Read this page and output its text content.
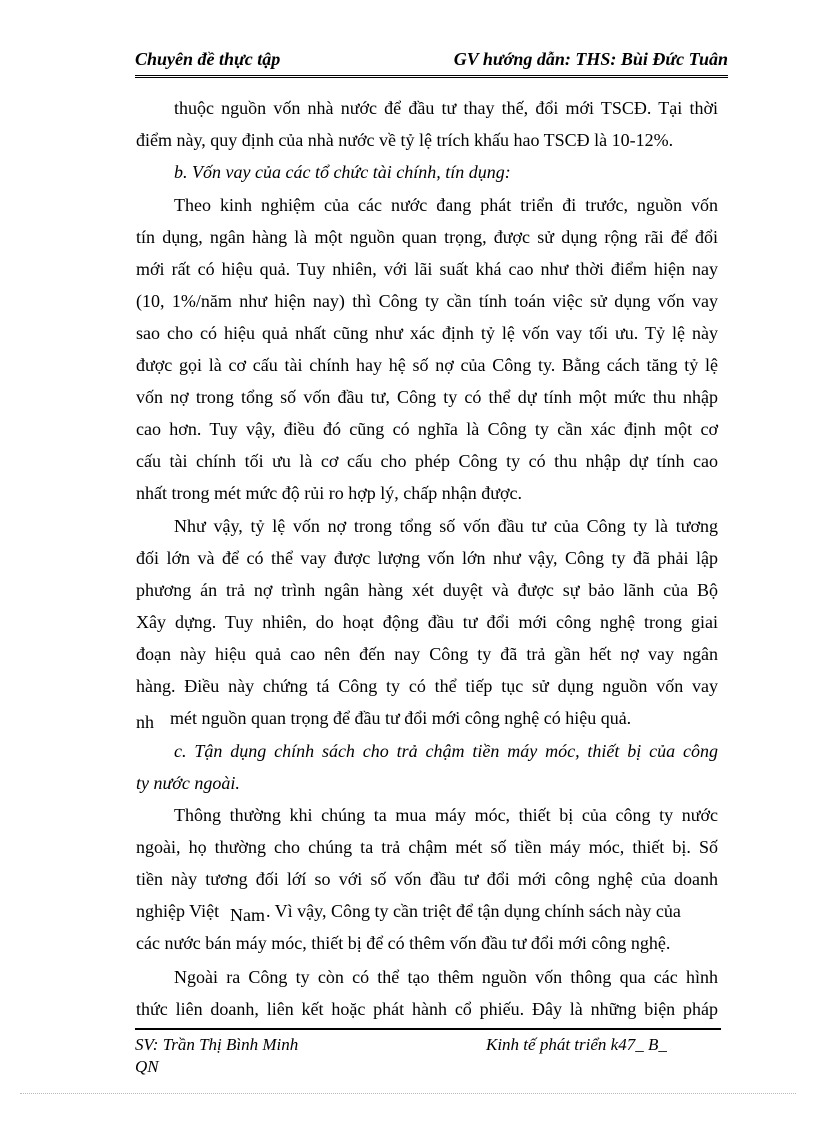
Chuyên đề thực tập	GV hướng dẫn: THS: Bùi Đức Tuân
thuộc nguồn vốn nhà nước để đầu tư thay thế, đổi mới TSCĐ. Tại thời
điểm này, quy định của nhà nước về tỷ lệ trích khấu hao TSCĐ là 10-12%.
b. Vốn vay của các tổ chức tài chính, tín dụng:
Theo kinh nghiệm của các nước đang phát triển đi trước, nguồn vốn
tín dụng, ngân hàng là một nguồn quan trọng, được sử dụng rộng rãi để đổi
mới rất có hiệu quả. Tuy nhiên, với lãi suất khá cao như thời điểm hiện nay
(10, 1%/năm như hiện nay) thì Công ty cần tính toán việc sử dụng vốn vay
sao cho có hiệu quả nhất cũng như xác định tỷ lệ vốn vay tối ưu. Tỷ lệ này
được gọi là cơ cấu tài chính hay hệ số nợ của Công ty. Bằng cách tăng tỷ lệ
vốn nợ trong tổng số vốn đầu tư, Công ty có thể dự tính một mức thu nhập
cao hơn. Tuy vậy, điều đó cũng có nghĩa là Công ty cần xác định một cơ
cấu tài chính tối ưu là cơ cấu cho phép Công ty có thu nhập dự tính cao
nhất trong mét mức độ rủi ro hợp lý, chấp nhận được.
Như vậy, tỷ lệ vốn nợ trong tổng số vốn đầu tư của Công ty là tương
đối lớn và để có thể vay được lượng vốn lớn như vậy, Công ty đã phải lập
phương án trả nợ trình ngân hàng xét duyệt và được sự bảo lãnh của Bộ
Xây dựng. Tuy nhiên, do hoạt động đầu tư đổi mới công nghệ trong giai
đoạn này hiệu quả cao nên đến nay Công ty đã trả gần hết nợ vay ngân
hàng. Điều này chứng tá Công ty có thể tiếp tục sử dụng nguồn vốn vay
nh mét nguồn quan trọng để đầu tư đổi mới công nghệ có hiệu quả.
c. Tận dụng chính sách cho trả chậm tiền máy móc, thiết bị của công
ty nước ngoài.
Thông thường khi chúng ta mua máy móc, thiết bị của công ty nước
ngoài, họ thường cho chúng ta trả chậm mét số tiền máy móc, thiết bị. Số
tiền này tương đối lớí so với số vốn đầu tư đổi mới công nghệ của doanh
nghiệp Việt Nam . Vì vậy, Công ty cần triệt để tận dụng chính sách này của
các nước bán máy móc, thiết bị để có thêm vốn đầu tư đổi mới công nghệ.
Ngoài ra Công ty còn có thể tạo thêm nguồn vốn thông qua các hình
thức liên doanh, liên kết hoặc phát hành cổ phiếu. Đây là những biện pháp
SV: Trần Thị Bình Minh	Kinh tế phát triển k47_ B_
QN
